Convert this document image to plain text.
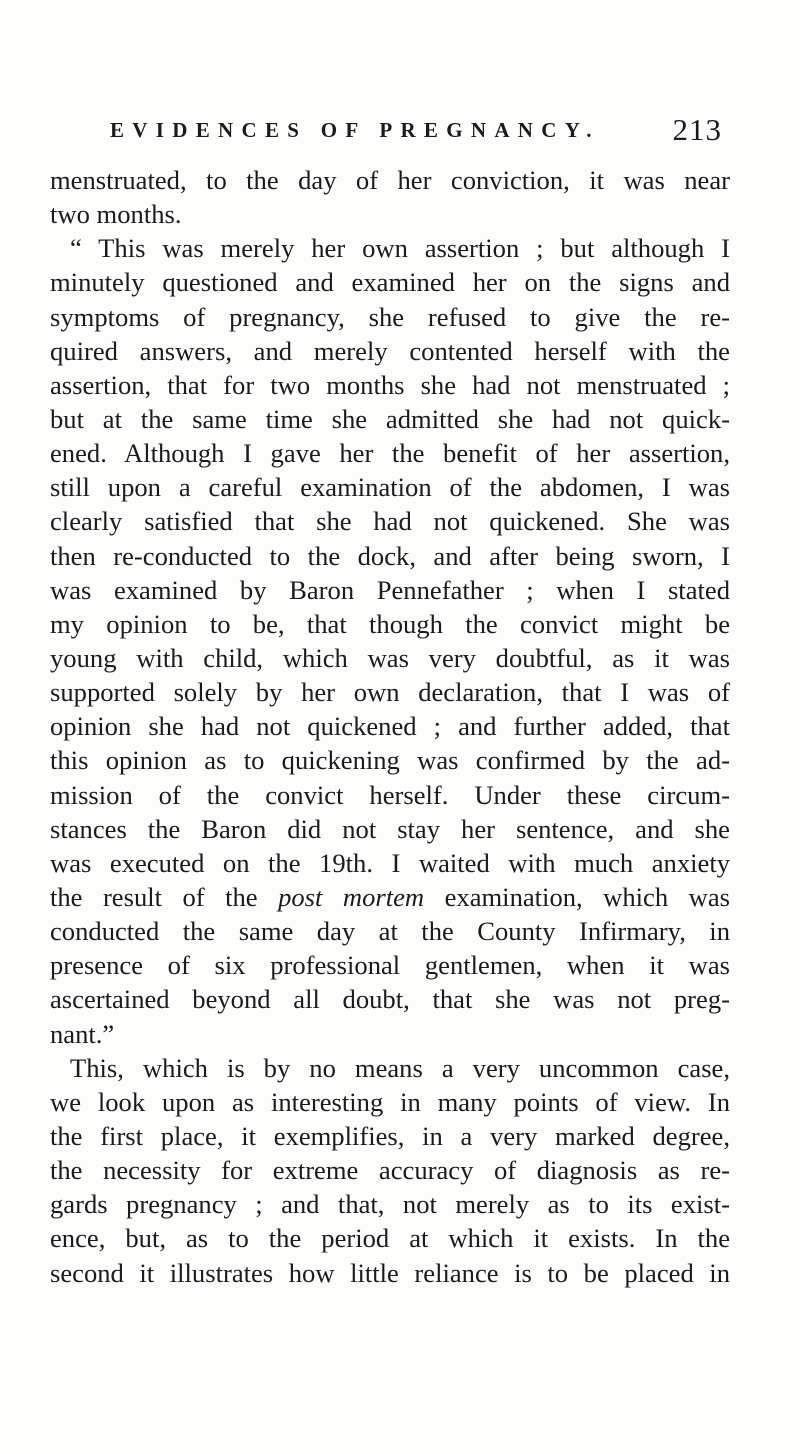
EVIDENCES OF PREGNANCY. 213
menstruated, to the day of her conviction, it was near
two months.
“ This was merely her own assertion ; but although I
minutely questioned and examined her on the signs and
symptoms of pregnancy, she refused to give the re-
quired answers, and merely contented herself with the
assertion, that for two months she had not menstruated ;
but at the same time she admitted she had not quick-
ened. Although I gave her the benefit of her assertion,
still upon a careful examination of the abdomen, I was
clearly satisfied that she had not quickened. She was
then re-conducted to the dock, and after being sworn, I
was examined by Baron Pennefather ; when I stated
my opinion to be, that though the convict might be
young with child, which was very doubtful, as it was
supported solely by her own declaration, that I was of
opinion she had not quickened ; and further added, that
this opinion as to quickening was confirmed by the ad-
mission of the convict herself. Under these circum-
stances the Baron did not stay her sentence, and she
was executed on the 19th. I waited with much anxiety
the result of the post mortem examination, which was
conducted the same day at the County Infirmary, in
presence of six professional gentlemen, when it was
ascertained beyond all doubt, that she was not preg-
nant.”
This, which is by no means a very uncommon case,
we look upon as interesting in many points of view. In
the first place, it exemplifies, in a very marked degree,
the necessity for extreme accuracy of diagnosis as re-
gards pregnancy ; and that, not merely as to its exist-
ence, but, as to the period at which it exists. In the
second it illustrates how little reliance is to be placed in
